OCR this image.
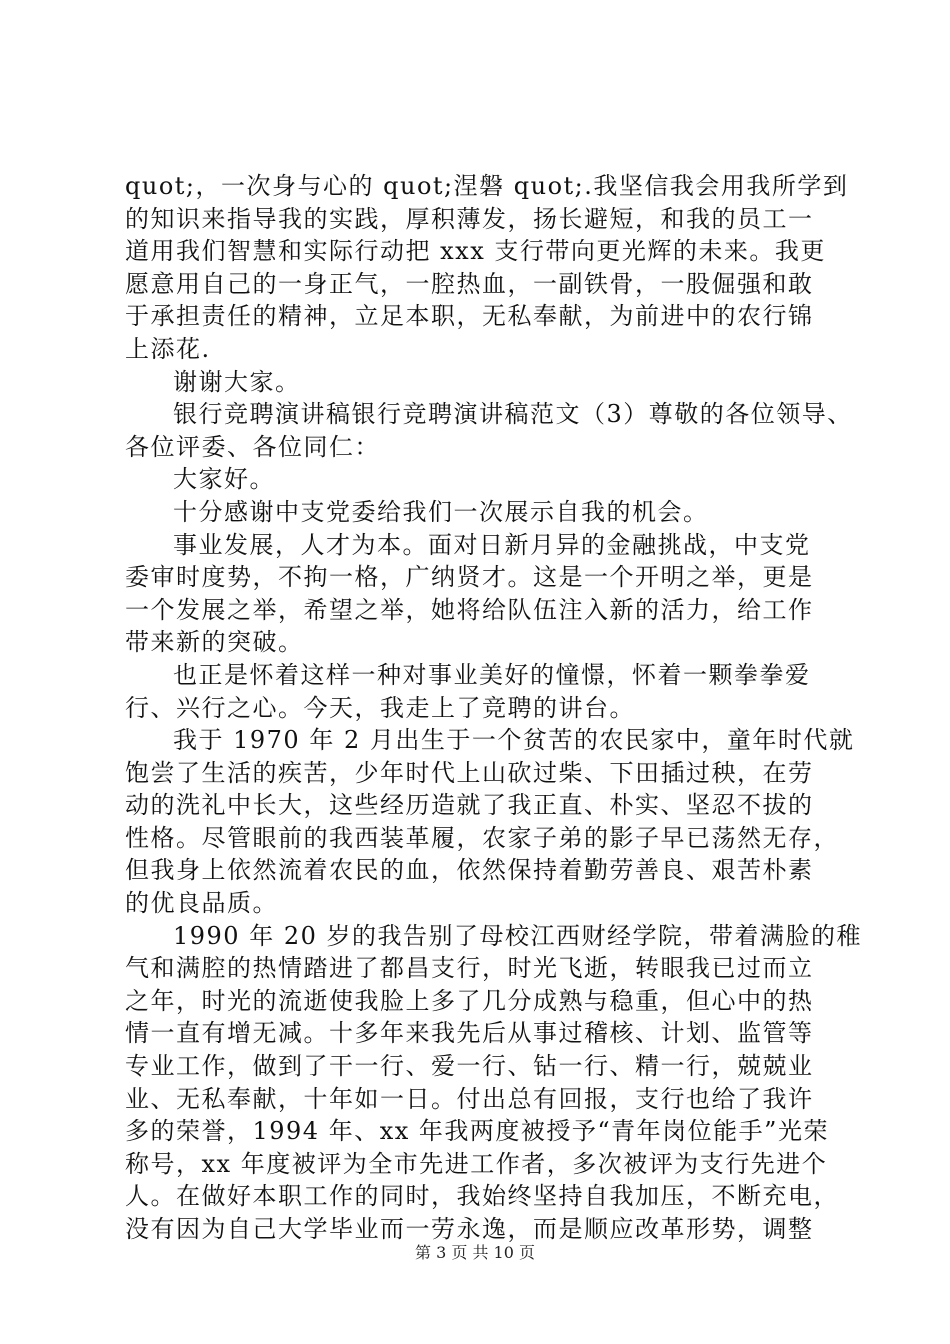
quot;，一次身与心的 quot;涅磐 quot;.我坚信我会用我所学到
的知识来指导我的实践，厚积薄发，扬长避短，和我的员工一
道用我们智慧和实际行动把 xxx 支行带向更光辉的未来。我更
愿意用自己的一身正气，一腔热血，一副铁骨，一股倔强和敢
于承担责任的精神，立足本职，无私奉献，为前进中的农行锦
上添花.
谢谢大家。
银行竞聘演讲稿银行竞聘演讲稿范文（3）尊敬的各位领导、
各位评委、各位同仁：
大家好。
十分感谢中支党委给我们一次展示自我的机会。
事业发展，人才为本。面对日新月异的金融挑战，中支党
委审时度势，不拘一格，广纳贤才。这是一个开明之举，更是
一个发展之举，希望之举，她将给队伍注入新的活力，给工作
带来新的突破。
也正是怀着这样一种对事业美好的憧憬，怀着一颗拳拳爱
行、兴行之心。今天，我走上了竞聘的讲台。
我于 1970 年 2 月出生于一个贫苦的农民家中，童年时代就
饱尝了生活的疾苦，少年时代上山砍过柴、下田插过秧，在劳
动的洗礼中长大，这些经历造就了我正直、朴实、坚忍不拔的
性格。尽管眼前的我西装革履，农家子弟的影子早已荡然无存，
但我身上依然流着农民的血，依然保持着勤劳善良、艰苦朴素
的优良品质。
1990 年 20 岁的我告别了母校江西财经学院，带着满脸的稚
气和满腔的热情踏进了都昌支行，时光飞逝，转眼我已过而立
之年，时光的流逝使我脸上多了几分成熟与稳重，但心中的热
情一直有增无减。十多年来我先后从事过稽核、计划、监管等
专业工作，做到了干一行、爱一行、钻一行、精一行，兢兢业
业、无私奉献，十年如一日。付出总有回报，支行也给了我许
多的荣誉，1994 年、xx 年我两度被授予“青年岗位能手”光荣
称号，xx 年度被评为全市先进工作者，多次被评为支行先进个
人。在做好本职工作的同时，我始终坚持自我加压，不断充电，
没有因为自己大学毕业而一劳永逸，而是顺应改革形势，调整
第 3 页 共 10 页
